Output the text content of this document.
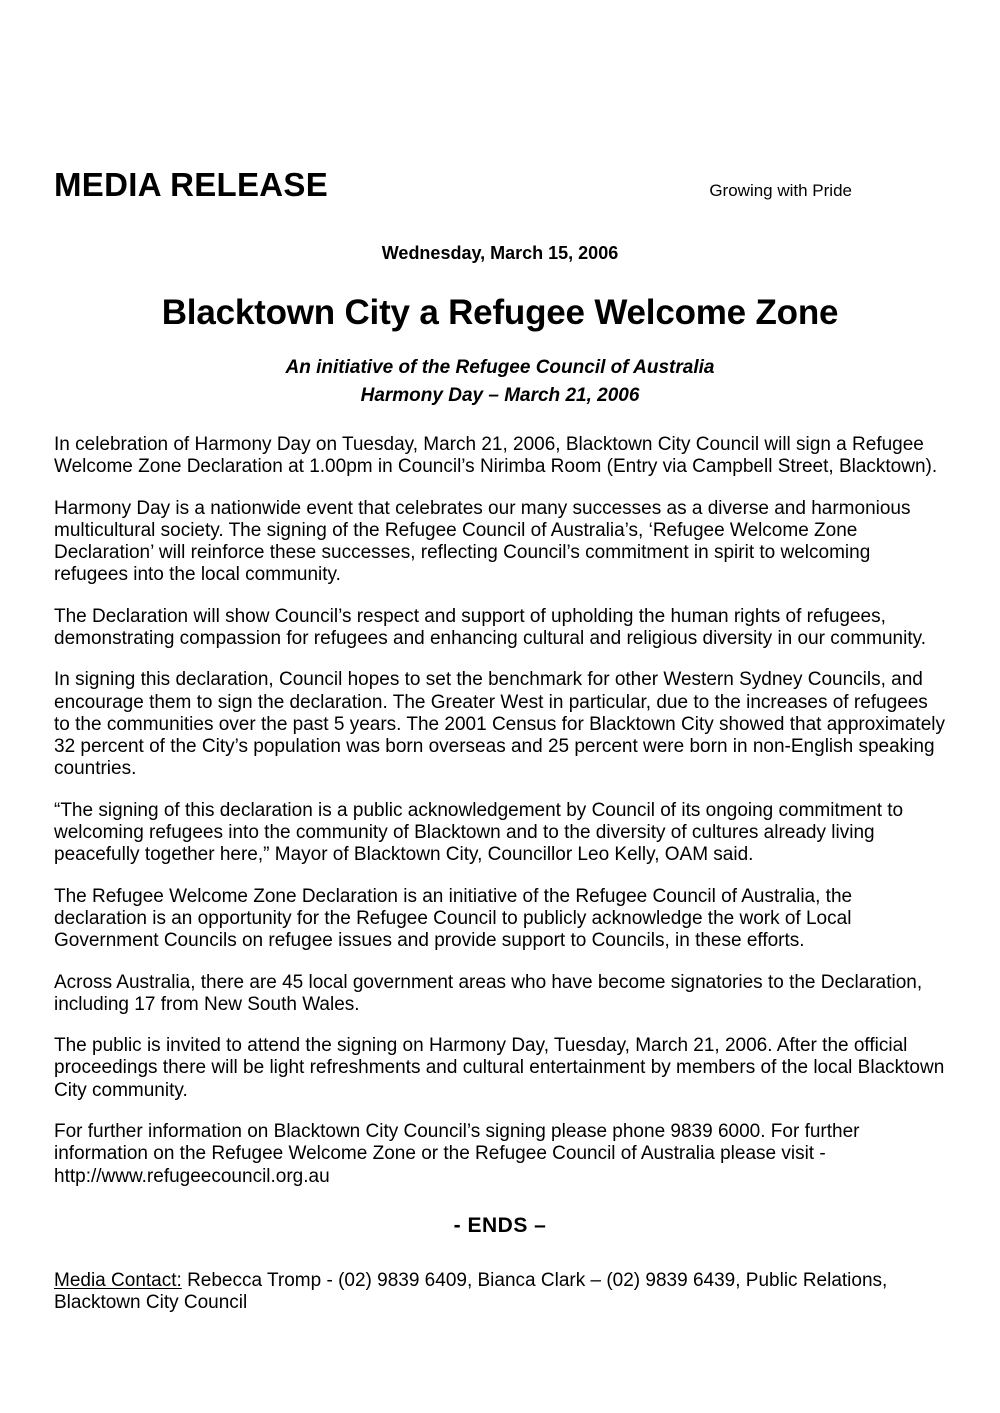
MEDIA RELEASE	Growing with Pride
Wednesday, March 15, 2006
Blacktown City a Refugee Welcome Zone
An initiative of the Refugee Council of Australia
Harmony Day – March 21, 2006

In celebration of Harmony Day on Tuesday, March 21, 2006, Blacktown City Council will sign a Refugee Welcome Zone Declaration at 1.00pm in Council’s Nirimba Room (Entry via Campbell Street, Blacktown).

Harmony Day is a nationwide event that celebrates our many successes as a diverse and harmonious multicultural society. The signing of the Refugee Council of Australia’s, ‘Refugee Welcome Zone Declaration’ will reinforce these successes, reflecting Council’s commitment in spirit to welcoming refugees into the local community.

The Declaration will show Council’s respect and support of upholding the human rights of refugees, demonstrating compassion for refugees and enhancing cultural and religious diversity in our community.

In signing this declaration, Council hopes to set the benchmark for other Western Sydney Councils, and encourage them to sign the declaration. The Greater West in particular, due to the increases of refugees to the communities over the past 5 years. The 2001 Census for Blacktown City showed that approximately 32 percent of the City’s population was born overseas and 25 percent were born in non-English speaking countries.

“The signing of this declaration is a public acknowledgement by Council of its ongoing commitment to welcoming refugees into the community of Blacktown and to the diversity of cultures already living peacefully together here,” Mayor of Blacktown City, Councillor Leo Kelly, OAM said.

The Refugee Welcome Zone Declaration is an initiative of the Refugee Council of Australia, the declaration is an opportunity for the Refugee Council to publicly acknowledge the work of Local Government Councils on refugee issues and provide support to Councils, in these efforts.

Across Australia, there are 45 local government areas who have become signatories to the Declaration, including 17 from New South Wales.

The public is invited to attend the signing on Harmony Day, Tuesday, March 21, 2006. After the official proceedings there will be light refreshments and cultural entertainment by members of the local Blacktown City community.

For further information on Blacktown City Council’s signing please phone 9839 6000. For further information on the Refugee Welcome Zone or the Refugee Council of Australia please visit - http://www.refugeecouncil.org.au

- ENDS –
Media Contact: Rebecca Tromp - (02) 9839 6409, Bianca Clark – (02) 9839 6439, Public Relations, Blacktown City Council
